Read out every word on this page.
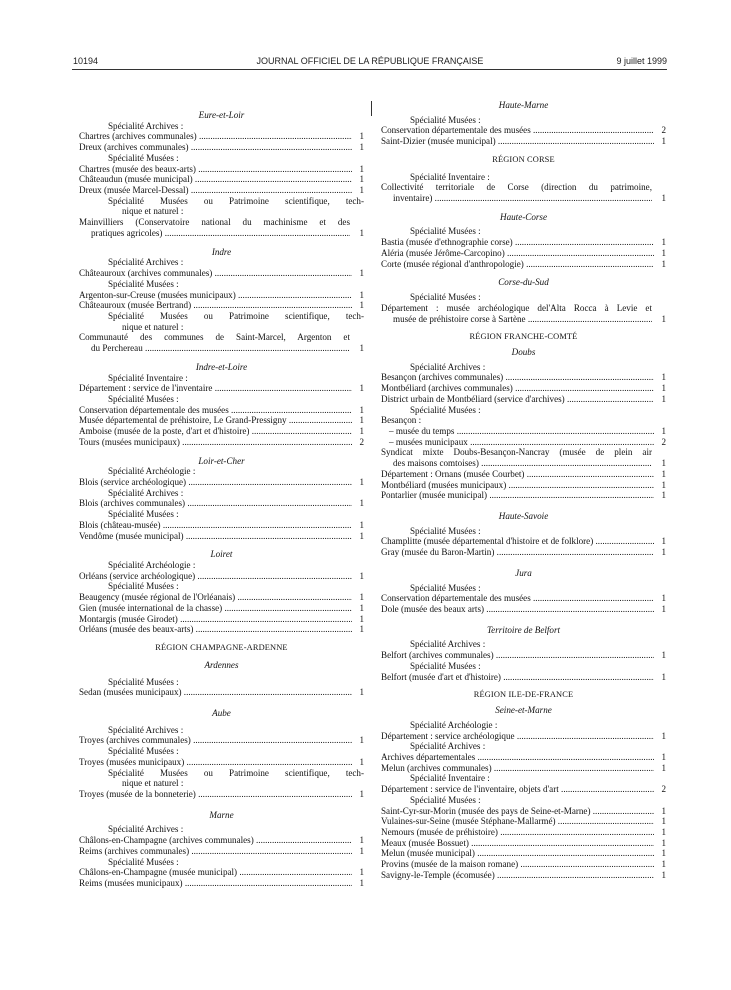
10194	JOURNAL OFFICIEL DE LA RÉPUBLIQUE FRANÇAISE	9 juillet 1999
Eure-et-Loir
Spécialité Archives :
Chartres (archives communales) .....	1
Dreux (archives communales) .....	1
Spécialité Musées :
Chartres (musée des beaux-arts) .....	1
Châteaudun (musée municipal) .....	1
Dreux (musée Marcel-Dessal) .....	1
Spécialité Musées ou Patrimoine scientifique, tech-
nique et naturel :
Mainvilliers (Conservatoire national du machinisme et des
pratiques agricoles) .....	1
Indre
Spécialité Archives :
Châteauroux (archives communales) .....	1
Spécialité Musées :
Argenton-sur-Creuse (musées municipaux) .....	1
Châteauroux (musée Bertrand) .....	1
Spécialité Musées ou Patrimoine scientifique, tech-
nique et naturel :
Communauté des communes de Saint-Marcel, Argenton et
du Perchereau .....	1
Indre-et-Loire
Spécialité Inventaire :
Département : service de l'inventaire .....	1
Spécialité Musées :
Conservation départementale des musées .....	1
Musée départemental de préhistoire, Le Grand-Pressigny .....	1
Amboise (musée de la poste, d'art et d'histoire) .....	1
Tours (musées municipaux) .....	2
Loir-et-Cher
Spécialité Archéologie :
Blois (service archéologique) .....	1
Spécialité Archives :
Blois (archives communales) .....	1
Spécialité Musées :
Blois (château-musée) .....	1
Vendôme (musée municipal) .....	1
Loiret
Spécialité Archéologie :
Orléans (service archéologique) .....	1
Spécialité Musées :
Beaugency (musée régional de l'Orléanais) .....	1
Gien (musée international de la chasse) .....	1
Montargis (musée Girodet) .....	1
Orléans (musée des beaux-arts) .....	1
RÉGION CHAMPAGNE-ARDENNE
Ardennes
Spécialité Musées :
Sedan (musées municipaux) .....	1
Aube
Spécialité Archives :
Troyes (archives communales) .....	1
Spécialité Musées :
Troyes (musées municipaux) .....	1
Spécialité Musées ou Patrimoine scientifique, tech-
nique et naturel :
Troyes (musée de la bonneterie) .....	1
Marne
Spécialité Archives :
Châlons-en-Champagne (archives communales) .....	1
Reims (archives communales) .....	1
Spécialité Musées :
Châlons-en-Champagne (musée municipal) .....	1
Reims (musées municipaux) .....	1
Haute-Marne
Spécialité Musées :
Conservation départementale des musées .....	2
Saint-Dizier (musée municipal) .....	1
RÉGION CORSE
Spécialité Inventaire :
Collectivité territoriale de Corse (direction du patrimoine,
inventaire) .....	1
Haute-Corse
Spécialité Musées :
Bastia (musée d'ethnographie corse) .....	1
Aléria (musée Jérôme-Carcopino) .....	1
Corte (musée régional d'anthropologie) .....	1
Corse-du-Sud
Spécialité Musées :
Département : musée archéologique del'Alta Rocca à Levie et
musée de préhistoire corse à Sartène .....	1
RÉGION FRANCHE-COMTÉ
Doubs
Spécialité Archives :
Besançon (archives communales) .....	1
Montbéliard (archives communales) .....	1
District urbain de Montbéliard (service d'archives) .....	1
Spécialité Musées :
Besançon :
– musée du temps .....	1
– musées municipaux .....	2
Syndicat mixte Doubs-Besançon-Nancray (musée de plein air
des maisons comtoises) .....	1
Département : Ornans (musée Courbet) .....	1
Montbéliard (musées municipaux) .....	1
Pontarlier (musée municipal) .....	1
Haute-Savoie
Spécialité Musées :
Champlitte (musée départemental d'histoire et de folklore) .....	1
Gray (musée du Baron-Martin) .....	1
Jura
Spécialité Musées :
Conservation départementale des musées .....	1
Dole (musée des beaux arts) .....	1
Territoire de Belfort
Spécialité Archives :
Belfort (archives communales) .....	1
Spécialité Musées :
Belfort (musée d'art et d'histoire) .....	1
RÉGION ILE-DE-FRANCE
Seine-et-Marne
Spécialité Archéologie :
Département : service archéologique .....	1
Spécialité Archives :
Archives départementales .....	1
Melun (archives communales) .....	1
Spécialité Inventaire :
Département : service de l'inventaire, objets d'art .....	2
Spécialité Musées :
Saint-Cyr-sur-Morin (musée des pays de Seine-et-Marne) .....	1
Vulaines-sur-Seine (musée Stéphane-Mallarmé) .....	1
Nemours (musée de préhistoire) .....	1
Meaux (musée Bossuet) .....	1
Melun (musée municipal) .....	1
Provins (musée de la maison romane) .....	1
Savigny-le-Temple (écomusée) .....	1
